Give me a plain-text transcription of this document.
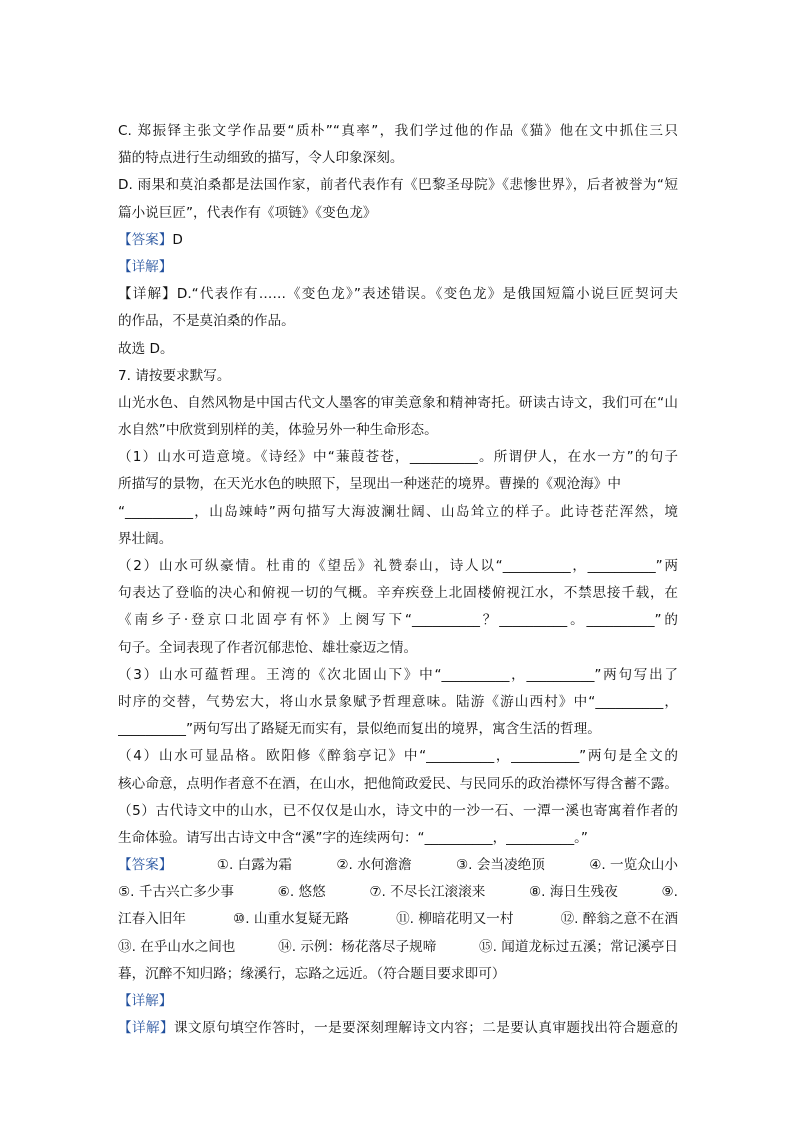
C. 郑振铎主张文学作品要“质朴”“真率”，我们学过他的作品《猫》他在文中抓住三只
猫的特点进行生动细致的描写，令人印象深刻。
D. 雨果和莫泊桑都是法国作家，前者代表作有《巴黎圣母院》《悲惨世界》，后者被誉为“短
篇小说巨匠”，代表作有《项链》《变色龙》
【答案】D
【详解】
【详解】D.“代表作有……《变色龙》”表述错误。《变色龙》是俄国短篇小说巨匠契诃夫
的作品，不是莫泊桑的作品。
故选 D。
7. 请按要求默写。
山光水色、自然风物是中国古代文人墨客的审美意象和精神寄托。研读古诗文，我们可在“山
水自然”中欣赏到别样的美，体验另外一种生命形态。
（1）山水可造意境。《诗经》中“蒹葭苍苍，__________。所谓伊人，在水一方”的句子
所描写的景物，在天光水色的映照下，呈现出一种迷茫的境界。曹操的《观沧海》中
“__________，山岛竦峙”两句描写大海波澜壮阔、山岛耸立的样子。此诗苍茫浑然，境
界壮阔。
（2）山水可纵豪情。杜甫的《望岳》礼赞泰山，诗人以“__________，__________”两
句表达了登临的决心和俯视一切的气概。辛弃疾登上北固楼俯视江水，不禁思接千载，在
《南乡子·登京口北固亭有怀》上阕写下“__________？__________。__________”的
句子。全词表现了作者沉郁悲怆、雄壮豪迈之情。
（3）山水可蕴哲理。王湾的《次北固山下》中“__________，__________”两句写出了
时序的交替，气势宏大，将山水景象赋予哲理意味。陆游《游山西村》中“__________，
__________”两句写出了路疑无而实有，景似绝而复出的境界，寓含生活的哲理。
（4）山水可显品格。欧阳修《醉翁亭记》中“__________，__________”两句是全文的
核心命意，点明作者意不在酒，在山水，把他简政爱民、与民同乐的政治襟怀写得含蓄不露。
（5）古代诗文中的山水，已不仅仅是山水，诗文中的一沙一石、一潭一溪也寄寓着作者的
生命体验。请写出古诗文中含“溪”字的连续两句：“__________，__________。”
【答案】	①. 白露为霜	②. 水何澹澹	③. 会当凌绝顶	④. 一览众山小
⑤. 千古兴亡多少事	⑥. 悠悠	⑦. 不尽长江滚滚来	⑧. 海日生残夜	⑨.
江春入旧年	⑩. 山重水复疑无路	⑪. 柳暗花明又一村	⑫. 醉翁之意不在酒
⑬. 在乎山水之间也	⑭. 示例：杨花落尽子规啼	⑮. 闻道龙标过五溪；常记溪亭日
暮，沉醉不知归路；缘溪行，忘路之远近。（符合题目要求即可）
【详解】
【详解】课文原句填空作答时，一是要深刻理解诗文内容；二是要认真审题找出符合题意的
